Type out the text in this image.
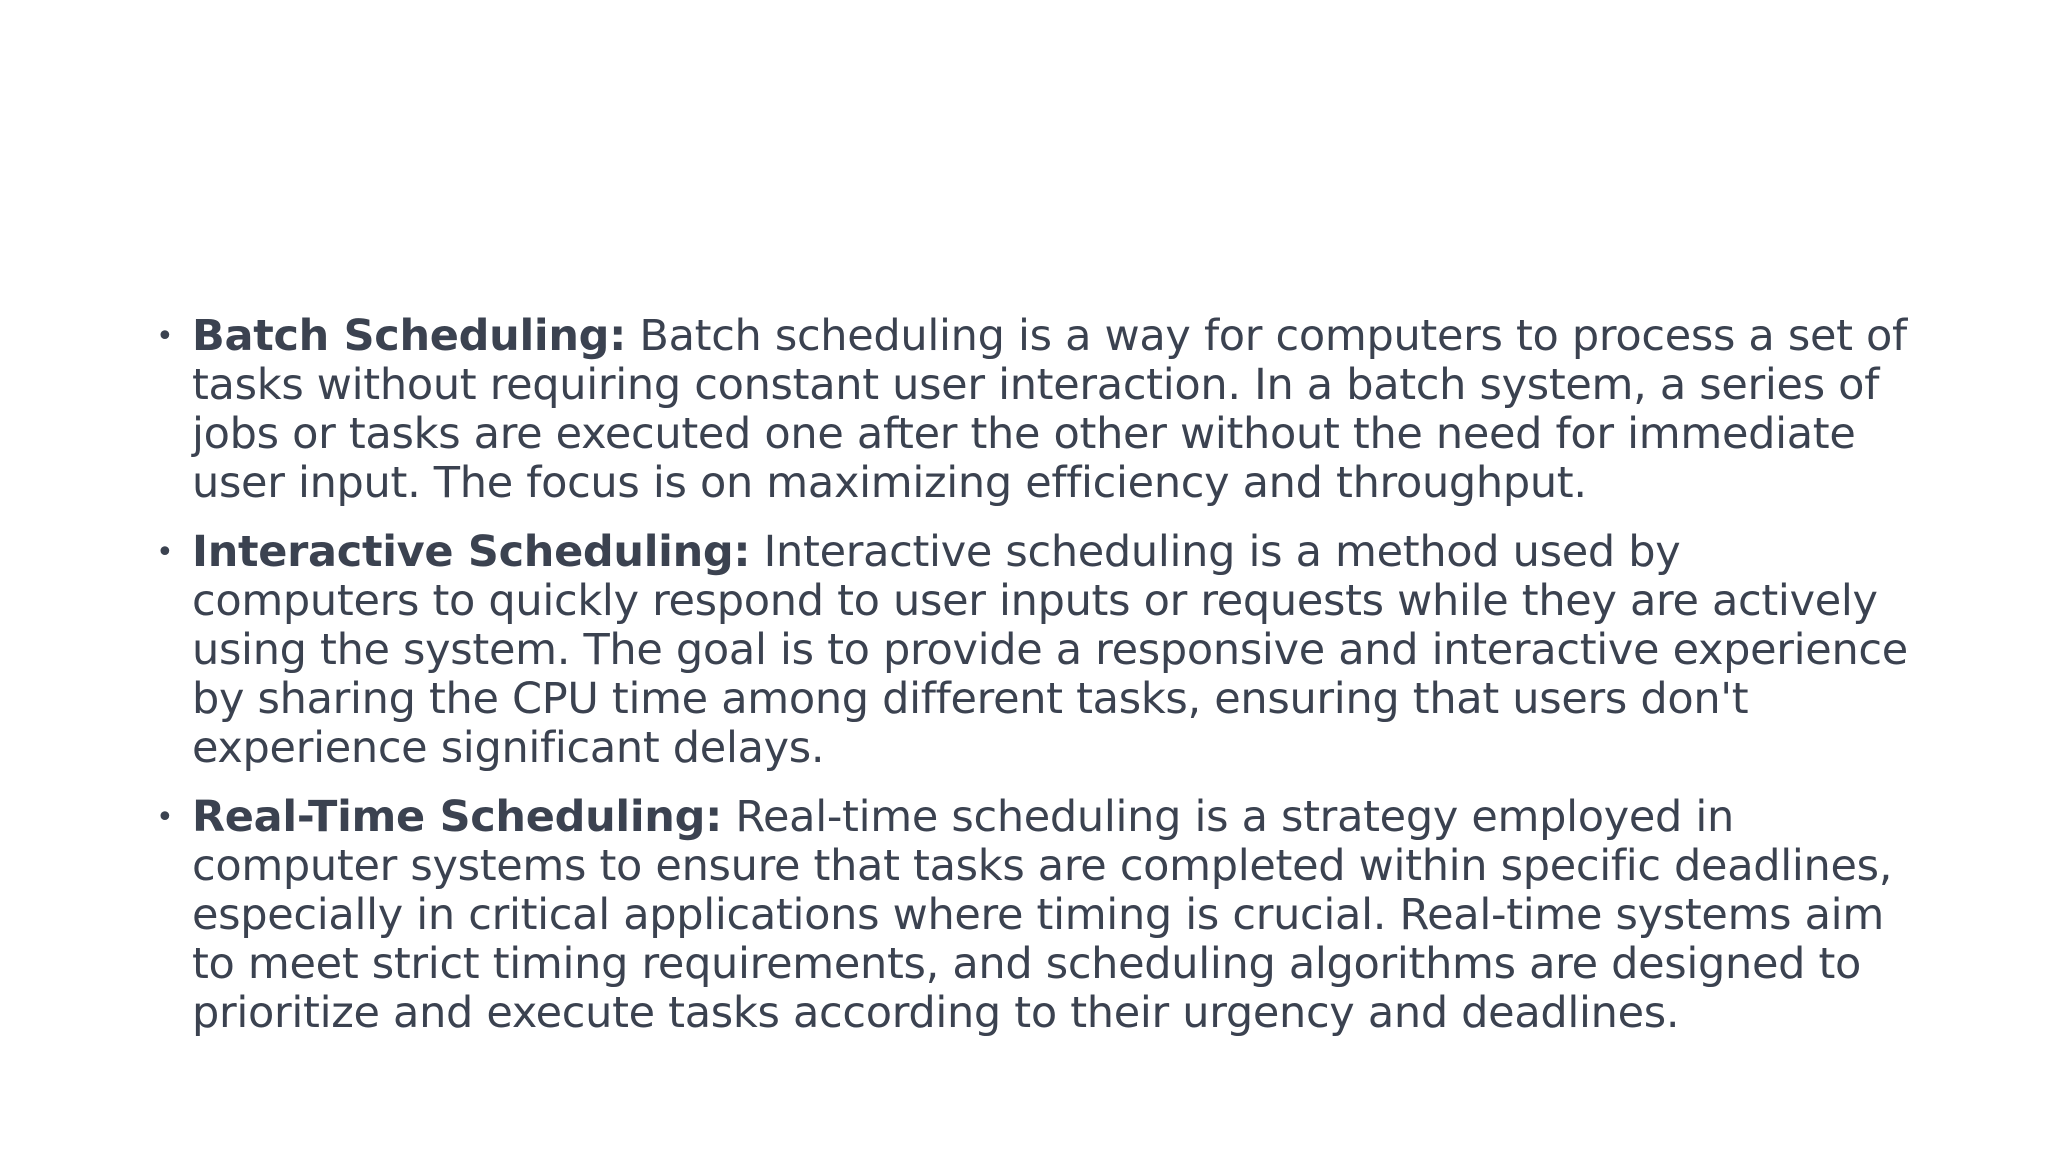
• Batch Scheduling: Batch scheduling is a way for computers to process a set of tasks without requiring constant user interaction. In a batch system, a series of jobs or tasks are executed one after the other without the need for immediate user input. The focus is on maximizing efficiency and throughput.
• Interactive Scheduling: Interactive scheduling is a method used by computers to quickly respond to user inputs or requests while they are actively using the system. The goal is to provide a responsive and interactive experience by sharing the CPU time among different tasks, ensuring that users don't experience significant delays.
• Real-Time Scheduling: Real-time scheduling is a strategy employed in computer systems to ensure that tasks are completed within specific deadlines, especially in critical applications where timing is crucial. Real-time systems aim to meet strict timing requirements, and scheduling algorithms are designed to prioritize and execute tasks according to their urgency and deadlines.
